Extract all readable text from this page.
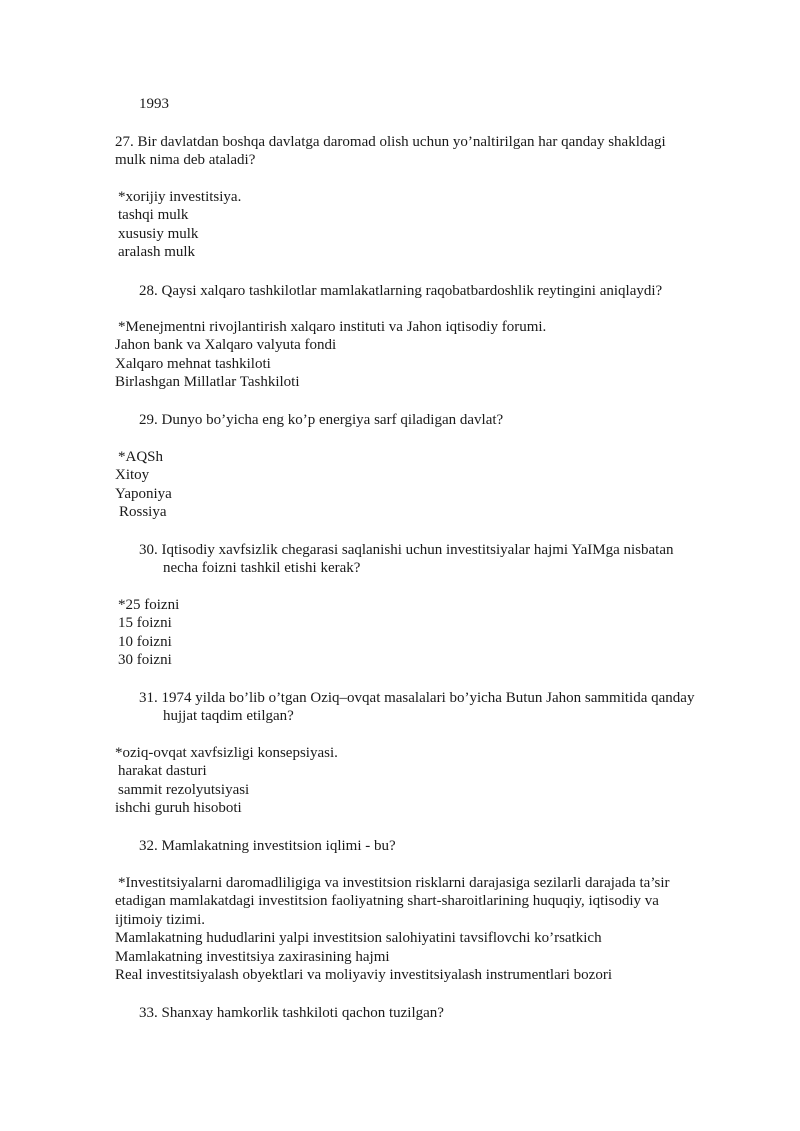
1993
27. Bir davlatdan boshqa davlatga daromad olish uchun yo’naltirilgan har qanday shakldagi
mulk nima deb ataladi?
*xorijiy investitsiya.
tashqi mulk
xususiy mulk
aralash mulk
28. Qaysi xalqaro tashkilotlar mamlakatlarning raqobatbardoshlik reytingini aniqlaydi?
*Menejmentni rivojlantirish xalqaro instituti va Jahon iqtisodiy forumi.
Jahon bank va Xalqaro valyuta fondi
Xalqaro mehnat tashkiloti
Birlashgan Millatlar Tashkiloti
29. Dunyo bo’yicha eng ko’p energiya sarf qiladigan davlat?
*AQSh
Xitoy
Yaponiya
Rossiya
30. Iqtisodiy xavfsizlik chegarasi saqlanishi uchun investitsiyalar hajmi YaIMga nisbatan
necha foizni tashkil etishi kerak?
*25 foizni
15 foizni
10 foizni
30 foizni
31. 1974 yilda bo’lib o’tgan Oziq–ovqat masalalari bo’yicha Butun Jahon sammitida qanday
hujjat taqdim etilgan?
*oziq-ovqat xavfsizligi konsepsiyasi.
harakat dasturi
sammit rezolyutsiyasi
ishchi guruh hisoboti
32. Mamlakatning investitsion iqlimi - bu?
*Investitsiyalarni daromadliligiga va investitsion risklarni darajasiga sezilarli darajada ta’sir
etadigan mamlakatdagi investitsion faoliyatning shart-sharoitlarining huquqiy, iqtisodiy va
ijtimoiy tizimi.
Mamlakatning hududlarini yalpi investitsion salohiyatini tavsiflovchi ko’rsatkich
Mamlakatning investitsiya zaxirasining hajmi
Real investitsiyalash obyektlari va moliyaviy investitsiyalash instrumentlari bozori
33. Shanxay hamkorlik tashkiloti qachon tuzilgan?
